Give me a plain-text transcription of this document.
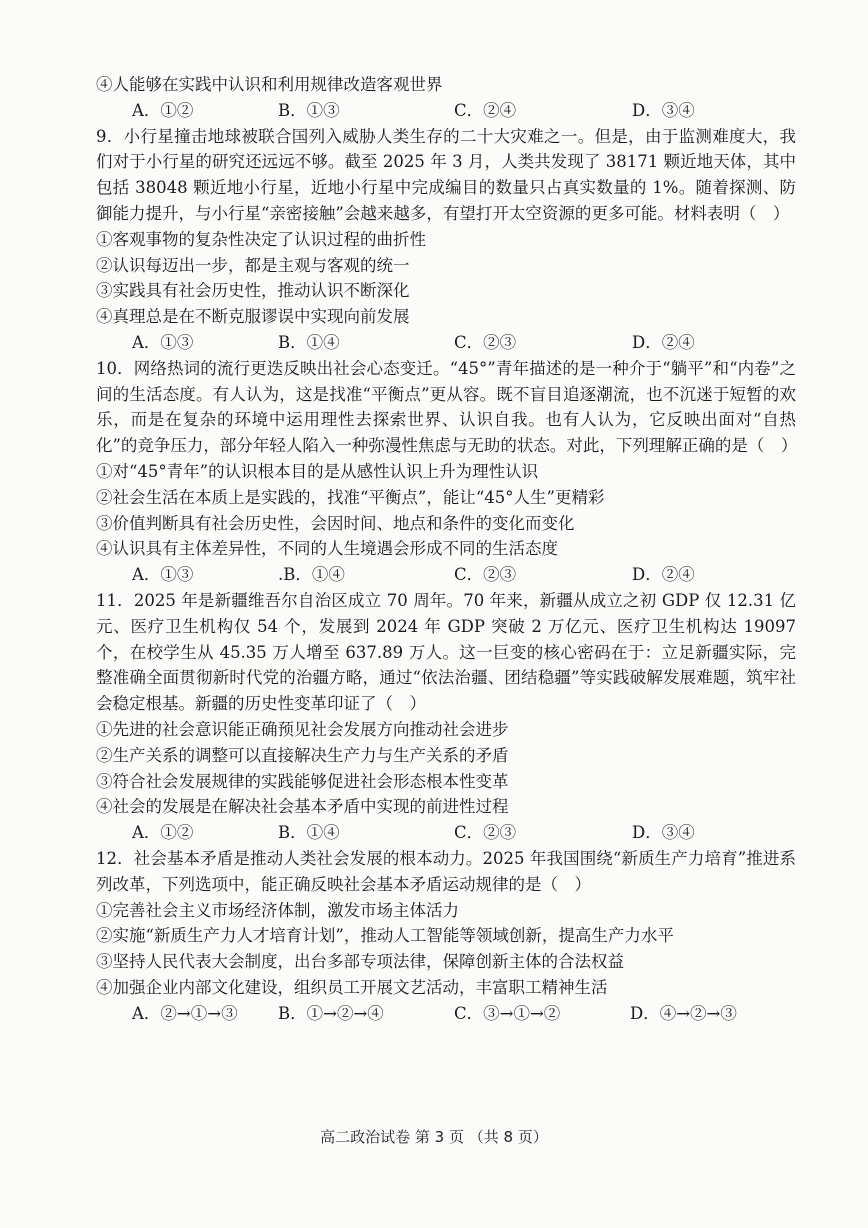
④人能够在实践中认识和利用规律改造客观世界
A．①②	B．①③	C．②④	D．③④
9．小行星撞击地球被联合国列入威胁人类生存的二十大灾难之一。但是，由于监测难度大，我们对于小行星的研究还远远不够。截至 2025 年 3 月，人类共发现了 38171 颗近地天体，其中包括 38048 颗近地小行星，近地小行星中完成编目的数量只占真实数量的 1%。随着探测、防御能力提升，与小行星“亲密接触”会越来越多，有望打开太空资源的更多可能。材料表明（　）
①客观事物的复杂性决定了认识过程的曲折性
②认识每迈出一步，都是主观与客观的统一
③实践具有社会历史性，推动认识不断深化
④真理总是在不断克服谬误中实现向前发展
A．①③	B．①④	C．②③	D．②④
10．网络热词的流行更迭反映出社会心态变迁。“45°”青年描述的是一种介于“躺平”和“内卷”之间的生活态度。有人认为，这是找准“平衡点”更从容。既不盲目追逐潮流，也不沉迷于短暂的欢乐，而是在复杂的环境中运用理性去探索世界、认识自我。也有人认为，它反映出面对“自热化”的竞争压力，部分年轻人陷入一种弥漫性焦虑与无助的状态。对此，下列理解正确的是（　）
①对“45°青年”的认识根本目的是从感性认识上升为理性认识
②社会生活在本质上是实践的，找准“平衡点”，能让“45°人生”更精彩
③价值判断具有社会历史性，会因时间、地点和条件的变化而变化
④认识具有主体差异性，不同的人生境遇会形成不同的生活态度
A．①③	.B．①④	C．②③	D．②④
11．2025 年是新疆维吾尔自治区成立 70 周年。70 年来，新疆从成立之初 GDP 仅 12.31 亿元、医疗卫生机构仅 54 个，发展到 2024 年 GDP 突破 2 万亿元、医疗卫生机构达 19097 个，在校学生从 45.35 万人增至 637.89 万人。这一巨变的核心密码在于：立足新疆实际，完整准确全面贯彻新时代党的治疆方略，通过“依法治疆、团结稳疆”等实践破解发展难题，筑牢社会稳定根基。新疆的历史性变革印证了（　）
①先进的社会意识能正确预见社会发展方向推动社会进步
②生产关系的调整可以直接解决生产力与生产关系的矛盾
③符合社会发展规律的实践能够促进社会形态根本性变革
④社会的发展是在解决社会基本矛盾中实现的前进性过程
A．①②	B．①④	C．②③	D．③④
12．社会基本矛盾是推动人类社会发展的根本动力。2025 年我国围绕“新质生产力培育”推进系列改革，下列选项中，能正确反映社会基本矛盾运动规律的是（　）
①完善社会主义市场经济体制，激发市场主体活力
②实施“新质生产力人才培育计划”，推动人工智能等领域创新，提高生产力水平
③坚持人民代表大会制度，出台多部专项法律，保障创新主体的合法权益
④加强企业内部文化建设，组织员工开展文艺活动，丰富职工精神生活
A．②→①→③	B．①→②→④	C．③→①→②	D．④→②→③
高二政治试卷 第 3 页 （共 8 页）
